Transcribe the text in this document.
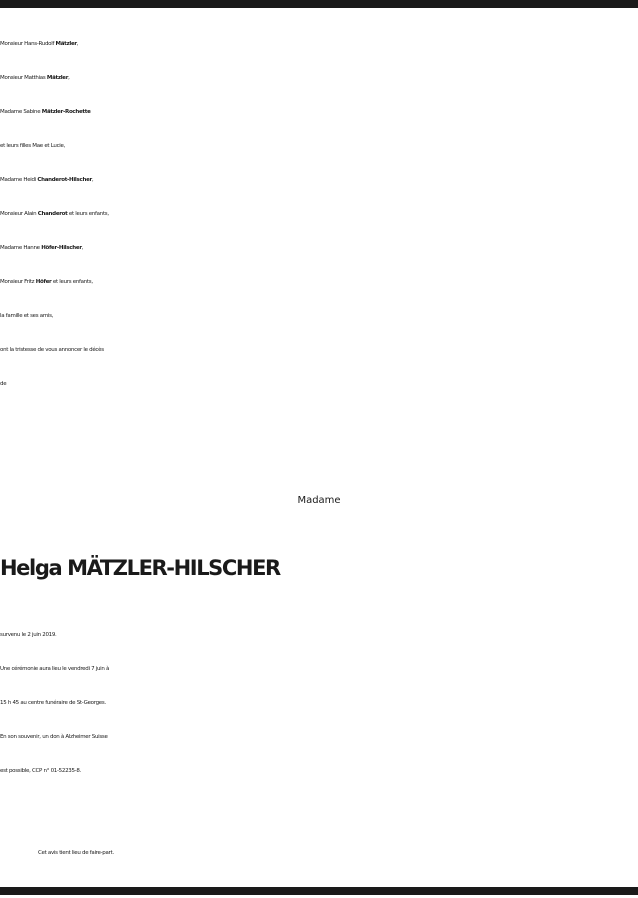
Monsieur Hans-Rudolf Mätzler,
Monsieur Matthias Mätzler,
Madame Sabine Mätzler-Rochette
et leurs filles Mae et Lucie,
Madame Heidi Chanderot-Hilscher,
Monsieur Alain Chanderot et leurs enfants,
Madame Hanne Höfer-Hilscher,
Monsieur Fritz Höfer et leurs enfants,
la famille et ses amis,
ont la tristesse de vous annoncer le décès
de
Madame
Helga MÄTZLER-HILSCHER
survenu le 2 juin 2019.
Une cérémonie aura lieu le vendredi 7 juin à
15 h 45 au centre funéraire de St-Georges.
En son souvenir, un don à Alzheimer Suisse
est possible, CCP n° 01-52235-8.
Cet avis tient lieu de faire-part.
